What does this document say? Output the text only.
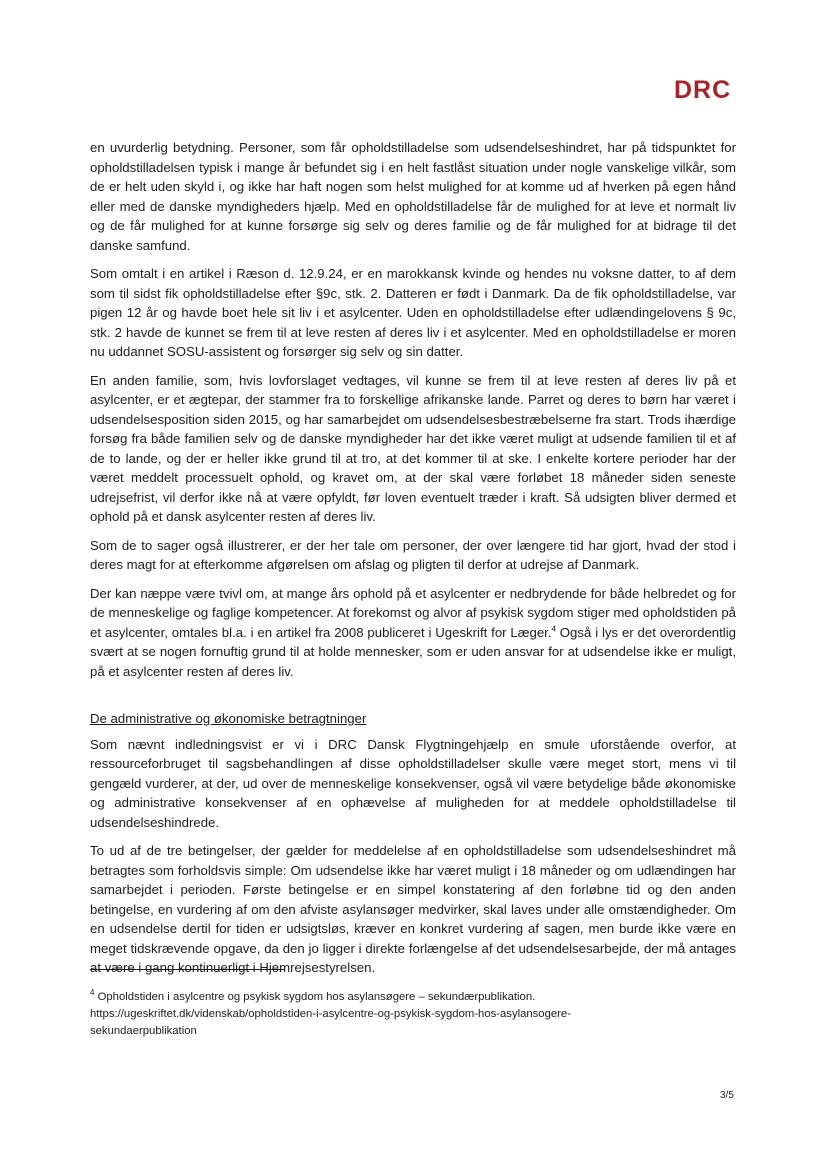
DRC

en uvurderlig betydning. Personer, som får opholdstilladelse som udsendelseshindret, har på tidspunktet for opholdstilladelsen typisk i mange år befundet sig i en helt fastlåst situation under nogle vanskelige vilkår, som de er helt uden skyld i, og ikke har haft nogen som helst mulighed for at komme ud af hverken på egen hånd eller med de danske myndigheders hjælp. Med en opholdstilladelse får de mulighed for at leve et normalt liv og de får mulighed for at kunne forsørge sig selv og deres familie og de får mulighed for at bidrage til det danske samfund.

Som omtalt i en artikel i Ræson d. 12.9.24, er en marokkansk kvinde og hendes nu voksne datter, to af dem som til sidst fik opholdstilladelse efter §9c, stk. 2. Datteren er født i Danmark. Da de fik opholdstilladelse, var pigen 12 år og havde boet hele sit liv i et asylcenter. Uden en opholdstilladelse efter udlændingelovens § 9c, stk. 2 havde de kunnet se frem til at leve resten af deres liv i et asylcenter. Med en opholdstilladelse er moren nu uddannet SOSU-assistent og forsørger sig selv og sin datter.

En anden familie, som, hvis lovforslaget vedtages, vil kunne se frem til at leve resten af deres liv på et asylcenter, er et ægtepar, der stammer fra to forskellige afrikanske lande. Parret og deres to børn har været i udsendelsesposition siden 2015, og har samarbejdet om udsendelsesbestræbelserne fra start. Trods ihærdige forsøg fra både familien selv og de danske myndigheder har det ikke været muligt at udsende familien til et af de to lande, og der er heller ikke grund til at tro, at det kommer til at ske. I enkelte kortere perioder har der været meddelt processuelt ophold, og kravet om, at der skal være forløbet 18 måneder siden seneste udrejsefrist, vil derfor ikke nå at være opfyldt, før loven eventuelt træder i kraft. Så udsigten bliver dermed et ophold på et dansk asylcenter resten af deres liv.

Som de to sager også illustrerer, er der her tale om personer, der over længere tid har gjort, hvad der stod i deres magt for at efterkomme afgørelsen om afslag og pligten til derfor at udrejse af Danmark.

Der kan næppe være tvivl om, at mange års ophold på et asylcenter er nedbrydende for både helbredet og for de menneskelige og faglige kompetencer. At forekomst og alvor af psykisk sygdom stiger med opholdstiden på et asylcenter, omtales bl.a. i en artikel fra 2008 publiceret i Ugeskrift for Læger.$^4$ Også i lys er det overordentlig svært at se nogen fornuftig grund til at holde mennesker, som er uden ansvar for at udsendelse ikke er muligt, på et asylcenter resten af deres liv.

De administrative og økonomiske betragtninger

Som nævnt indledningsvist er vi i DRC Dansk Flygtningehjælp en smule uforstående overfor, at ressourceforbruget til sagsbehandlingen af disse opholdstilladelser skulle være meget stort, mens vi til gengæld vurderer, at der, ud over de menneskelige konsekvenser, også vil være betydelige både økonomiske og administrative konsekvenser af en ophævelse af muligheden for at meddele opholdstilladelse til udsendelseshindrede.

To ud af de tre betingelser, der gælder for meddelelse af en opholdstilladelse som udsendelseshindret må betragtes som forholdsvis simple: Om udsendelse ikke har været muligt i 18 måneder og om udlændingen har samarbejdet i perioden. Første betingelse er en simpel konstatering af den forløbne tid og den anden betingelse, en vurdering af om den afviste asylansøger medvirker, skal laves under alle omstændigheder. Om en udsendelse dertil for tiden er udsigtsløs, kræver en konkret vurdering af sagen, men burde ikke være en meget tidskrævende opgave, da den jo ligger i direkte forlængelse af det udsendelsesarbejde, der må antages at være i gang kontinuerligt i Hjemrejsestyrelsen.

$^4$ Opholdstiden i asylcentre og psykisk sygdom hos asylansøgere – sekundærpublikation.
https://ugeskriftet.dk/videnskab/opholdstiden-i-asylcentre-og-psykisk-sygdom-hos-asylansogere-
sekundaerpublikation
3/5
